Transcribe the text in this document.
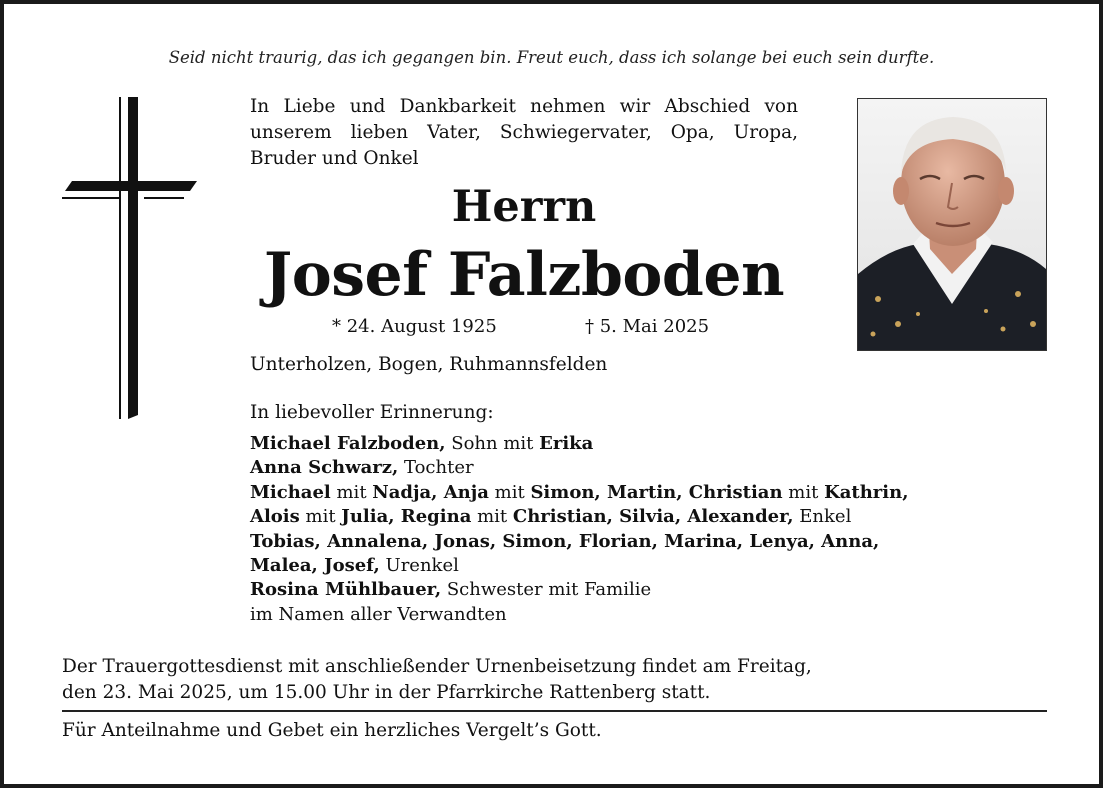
Seid nicht traurig, das ich gegangen bin. Freut euch, dass ich solange bei euch sein durfte.
In Liebe und Dankbarkeit nehmen wir Abschied von unserem lieben Vater, Schwiegervater, Opa, Uropa, Bruder und Onkel
Herrn
Josef Falzboden
* 24. August 1925	† 5. Mai 2025
Unterholzen, Bogen, Ruhmannsfelden
In liebevoller Erinnerung:
Michael Falzboden, Sohn mit Erika
Anna Schwarz, Tochter
Michael mit Nadja, Anja mit Simon, Martin, Christian mit Kathrin,
Alois mit Julia, Regina mit Christian, Silvia, Alexander, Enkel
Tobias, Annalena, Jonas, Simon, Florian, Marina, Lenya, Anna,
Malea, Josef, Urenkel
Rosina Mühlbauer, Schwester mit Familie
im Namen aller Verwandten
Der Trauergottesdienst mit anschließender Urnenbeisetzung findet am Freitag,
den 23. Mai 2025, um 15.00 Uhr in der Pfarrkirche Rattenberg statt.
Für Anteilnahme und Gebet ein herzliches Vergelt’s Gott.
